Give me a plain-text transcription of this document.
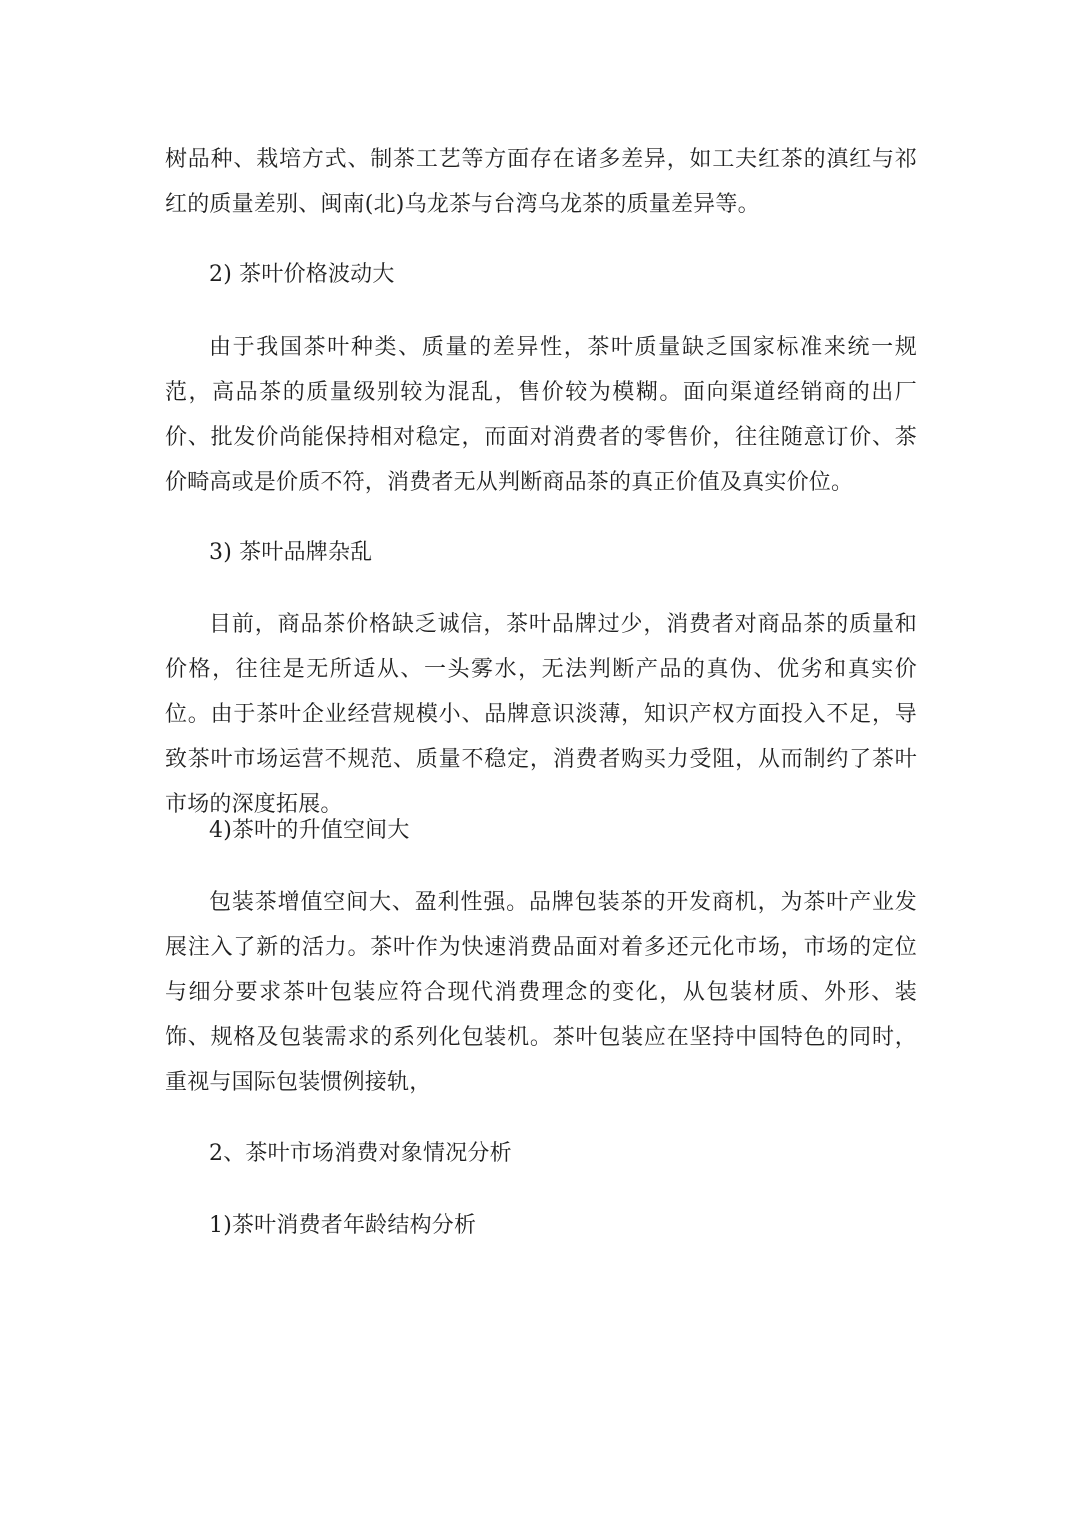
树品种、栽培方式、制茶工艺等方面存在诸多差异，如工夫红茶的滇红与祁红的质量差别、闽南(北)乌龙茶与台湾乌龙茶的质量差异等。

2) 茶叶价格波动大

由于我国茶叶种类、质量的差异性，茶叶质量缺乏国家标准来统一规范，高品茶的质量级别较为混乱，售价较为模糊。面向渠道经销商的出厂价、批发价尚能保持相对稳定，而面对消费者的零售价，往往随意订价、茶价畸高或是价质不符，消费者无从判断商品茶的真正价值及真实价位。

3) 茶叶品牌杂乱

目前，商品茶价格缺乏诚信，茶叶品牌过少，消费者对商品茶的质量和价格，往往是无所适从、一头雾水，无法判断产品的真伪、优劣和真实价位。由于茶叶企业经营规模小、品牌意识淡薄，知识产权方面投入不足，导致茶叶市场运营不规范、质量不稳定，消费者购买力受阻，从而制约了茶叶市场的深度拓展。

4)茶叶的升值空间大

包装茶增值空间大、盈利性强。品牌包装茶的开发商机，为茶叶产业发展注入了新的活力。茶叶作为快速消费品面对着多还元化市场，市场的定位与细分要求茶叶包装应符合现代消费理念的变化，从包装材质、外形、装饰、规格及包装需求的系列化包装机。茶叶包装应在坚持中国特色的同时，重视与国际包装惯例接轨，

2、茶叶市场消费对象情况分析

1)茶叶消费者年龄结构分析
